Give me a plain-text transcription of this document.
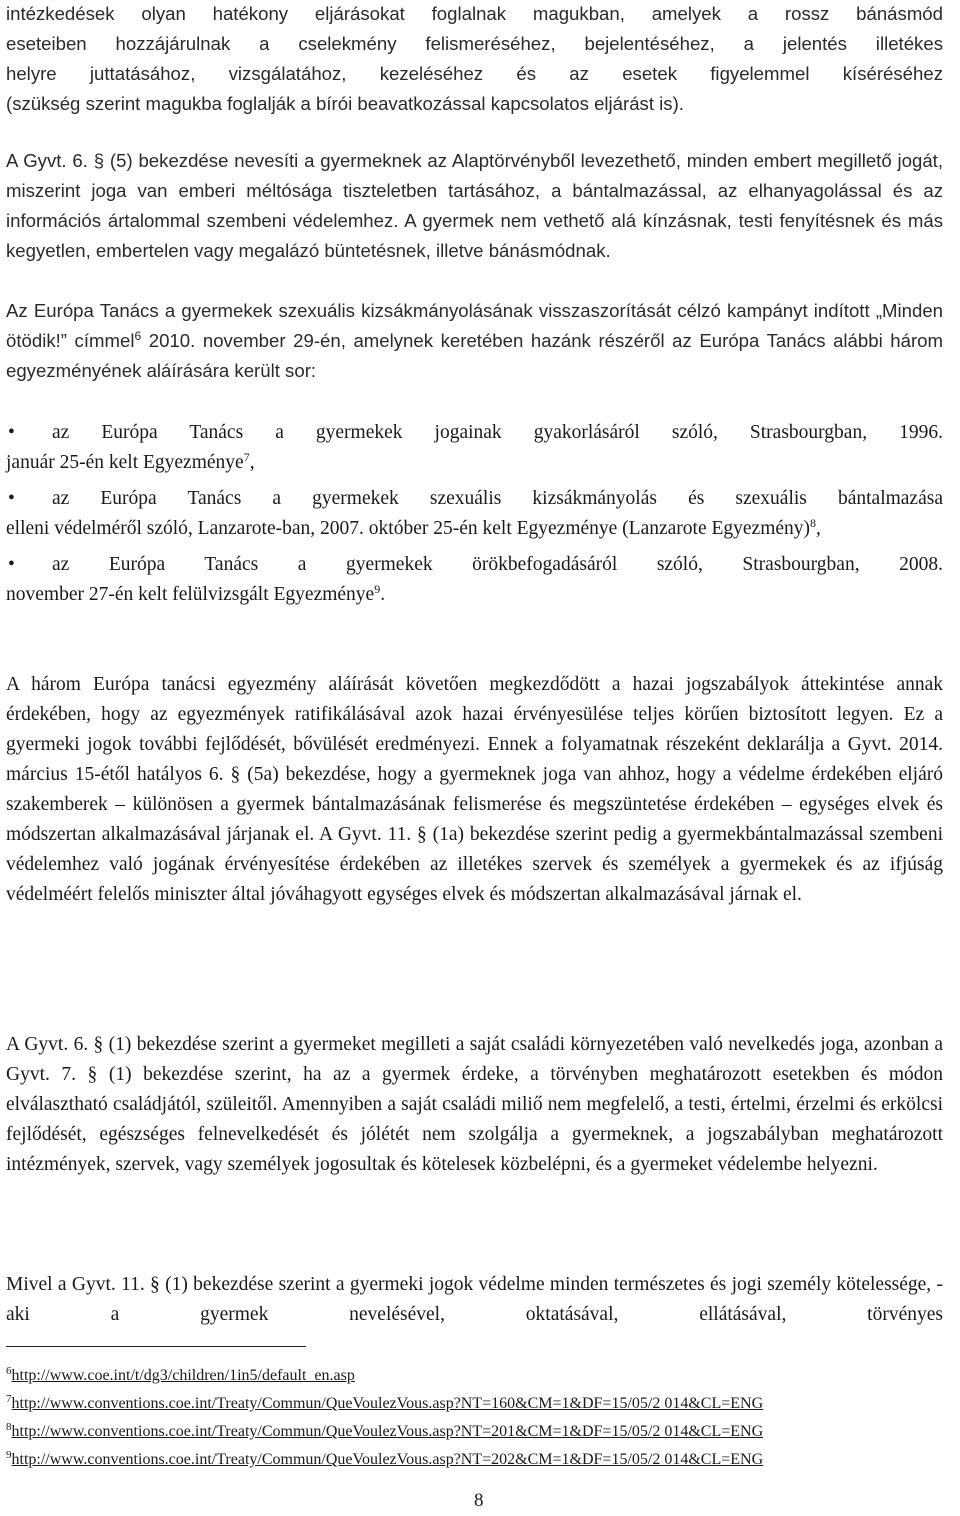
intézkedések olyan hatékony eljárásokat foglalnak magukban, amelyek a rossz bánásmód

eseteiben hozzájárulnak a cselekmény felismeréséhez, bejelentéséhez, a jelentés illetékes

helyre juttatásához, vizsgálatához, kezeléséhez és az esetek figyelemmel kíséréséhez

(szükség szerint magukba foglalják a bírói beavatkozással kapcsolatos eljárást is).

A Gyvt. 6. § (5) bekezdése nevesíti a gyermeknek az Alaptörvényből levezethető, minden embert megillető jogát, miszerint joga van emberi méltósága tiszteletben tartásához, a bántalmazással, az elhanyagolással és az információs ártalommal szembeni védelemhez. A gyermek nem vethető alá kínzásnak, testi fenyítésnek és más kegyetlen, embertelen vagy megalázó büntetésnek, illetve bánásmódnak.

Az Európa Tanács a gyermekek szexuális kizsákmányolásának visszaszorítását célzó kampányt indított „Minden ötödik!” címmel$^6$ 2010. november 29-én, amelynek keretében hazánk részéről az Európa Tanács alábbi három egyezményének aláírására került sor:

•	az Európa Tanács a gyermekek jogainak gyakorlásáról szóló, Strasbourgban, 1996.
január 25-én kelt Egyezménye$^7$,
•	az Európa Tanács a gyermekek szexuális kizsákmányolás és szexuális bántalmazása
elleni védelméről szóló, Lanzarote-ban, 2007. október 25-én kelt Egyezménye (Lanzarote Egyezmény)$^8$,
•	az Európa Tanács a gyermekek örökbefogadásáról szóló, Strasbourgban, 2008.
november 27-én kelt felülvizsgált Egyezménye$^9$.

A három Európa tanácsi egyezmény aláírását követően megkezdődött a hazai jogszabályok áttekintése annak érdekében, hogy az egyezmények ratifikálásával azok hazai érvényesülése teljes körűen biztosított legyen. Ez a gyermeki jogok további fejlődését, bővülését eredményezi. Ennek a folyamatnak részeként deklarálja a Gyvt. 2014. március 15-étől hatályos 6. § (5a) bekezdése, hogy a gyermeknek joga van ahhoz, hogy a védelme érdekében eljáró szakemberek – különösen a gyermek bántalmazásának felismerése és megszüntetése érdekében – egységes elvek és módszertan alkalmazásával járjanak el. A Gyvt. 11. § (1a) bekezdése szerint pedig a gyermekbántalmazással szembeni védelemhez való jogának érvényesítése érdekében az illetékes szervek és személyek a gyermekek és az ifjúság védelméért felelős miniszter által jóváhagyott egységes elvek és módszertan alkalmazásával járnak el.

A Gyvt. 6. § (1) bekezdése szerint a gyermeket megilleti a saját családi környezetében való nevelkedés joga, azonban a Gyvt. 7. § (1) bekezdése szerint, ha az a gyermek érdeke, a törvényben meghatározott esetekben és módon elválasztható családjától, szüleitől. Amennyiben a saját családi miliő nem megfelelő, a testi, értelmi, érzelmi és erkölcsi fejlődését, egészséges felnevelkedését és jólétét nem szolgálja a gyermeknek, a jogszabályban meghatározott intézmények, szervek, vagy személyek jogosultak és kötelesek közbelépni, és a gyermeket védelembe helyezni.

Mivel a Gyvt. 11. § (1) bekezdése szerint a gyermeki jogok védelme minden természetes és jogi személy kötelessége, - aki a gyermek nevelésével, oktatásával, ellátásával, törvényes

$^6$http://www.coe.int/t/dg3/children/1in5/default_en.asp
$^7$http://www.conventions.coe.int/Treaty/Commun/QueVoulezVous.asp?NT=160&CM=1&DF=15/05/2 014&CL=ENG
$^8$http://www.conventions.coe.int/Treaty/Commun/QueVoulezVous.asp?NT=201&CM=1&DF=15/05/2 014&CL=ENG
$^9$http://www.conventions.coe.int/Treaty/Commun/QueVoulezVous.asp?NT=202&CM=1&DF=15/05/2 014&CL=ENG
8
